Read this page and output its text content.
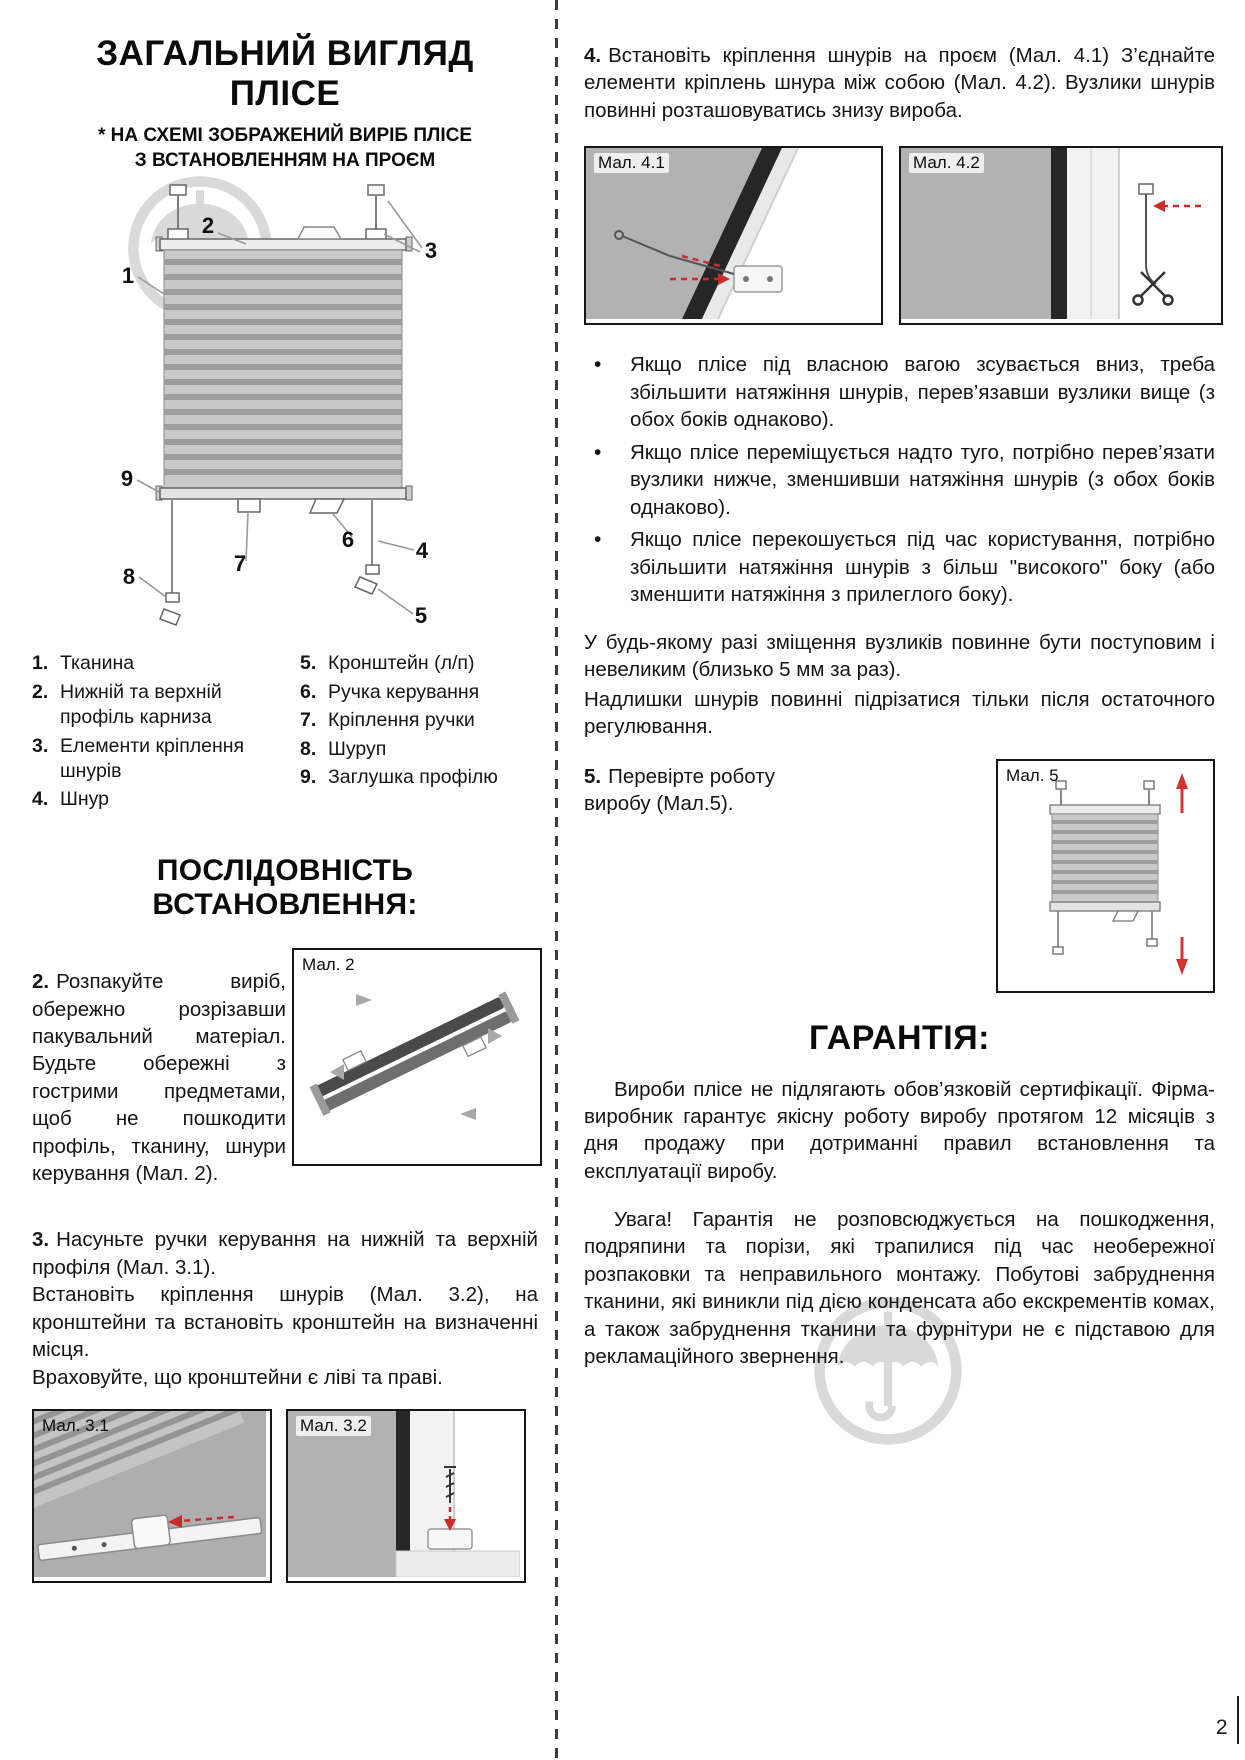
ЗАГАЛЬНИЙ ВИГЛЯД
ПЛІСЕ
* НА СХЕМІ ЗОБРАЖЕНИЙ ВИРІБ ПЛІСЕ
З ВСТАНОВЛЕННЯМ НА ПРОЄМ
1
2
3
4
5
6
7
8
9
1. Тканина
2. Нижній та верхній профіль карниза
3. Елементи кріплення шнурів
4. Шнур
5. Кронштейн (л/п)
6. Ручка керування
7. Кріплення ручки
8. Шуруп
9. Заглушка профілю
ПОСЛІДОВНІСТЬ ВСТАНОВЛЕННЯ:

2. Розпакуйте виріб, обережно розрізавши пакувальний матеріал. Будьте обережні з гострими предметами, щоб не пошкодити профіль, тканину, шнури керування (Мал. 2).

Мал. 2

3. Насуньте ручки керування на нижній та верхній профіля (Мал. 3.1).

Встановіть кріплення шнурів (Мал. 3.2), на кронштейни та встановіть кронштейн на визначенні місця.

Враховуйте, що кронштейни є ліві та праві.

Мал. 3.1	Мал. 3.2

4. Встановіть кріплення шнурів на проєм (Мал. 4.1) З’єднайте елементи кріплень шнура між собою (Мал. 4.2). Вузлики шнурів повинні розташовуватись знизу вироба.

Мал. 4.1	Мал. 4.2
• Якщо плісе під власною вагою зсувається вниз, треба збільшити натяжіння шнурів, перев’язавши вузлики вище (з обох боків однаково).
• Якщо плісе переміщується надто туго, потрібно перев’язати вузлики нижче, зменшивши натяжіння шнурів (з обох боків однаково).
• Якщо плісе перекошується під час користування, потрібно збільшити натяжіння шнурів з більш "високого" боку (або зменшити натяжіння з прилеглого боку).

У будь-якому разі зміщення вузликів повинне бути поступовим і невеликим (близько 5 мм за раз).

Надлишки шнурів повинні підрізатися тільки після остаточного регулювання.

5. Перевірте роботу виробу (Мал.5).

Мал. 5
ГАРАНТІЯ:

Вироби плісе не підлягають обов’язковій сертифікації. Фірма-виробник гарантує якісну роботу виробу протягом 12 місяців з дня продажу при дотриманні правил встановлення та експлуатації виробу.

Увага! Гарантія не розповсюджується на пошкодження, подряпини та порізи, які трапилися під час необережної розпаковки та неправильного монтажу. Побутові забруднення тканини, які виникли під дією конденсата або екскрементів комах, а також забруднення тканини та фурнітури не є підставою для рекламаційного звернення.

2
